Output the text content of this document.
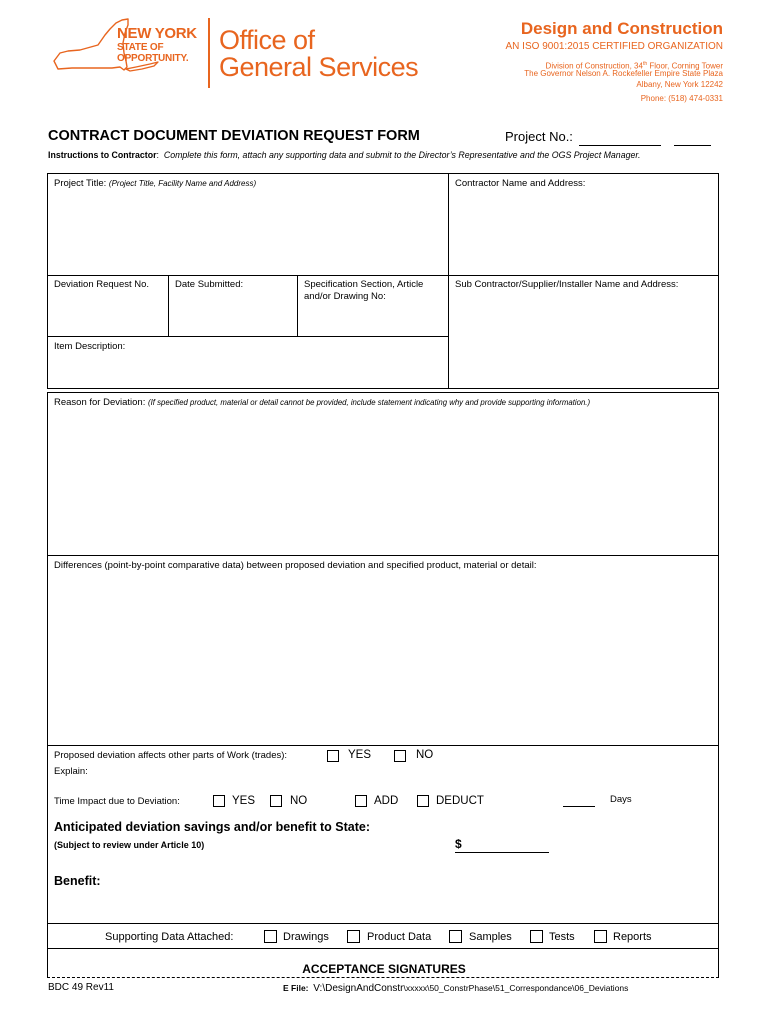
NEW YORK
STATE OF
OPPORTUNITY.
Office of
General Services
Design and Construction
AN ISO 9001:2015 CERTIFIED ORGANIZATION
Division of Construction, 34th Floor, Corning Tower
The Governor Nelson A. Rockefeller Empire State Plaza
Albany, New York 12242
Phone: (518) 474-0331
CONTRACT DOCUMENT DEVIATION REQUEST FORM	Project No.:
Instructions to Contractor: Complete this form, attach any supporting data and submit to the Director’s Representative and the OGS Project Manager.
Project Title: (Project Title, Facility Name and Address)	Contractor Name and Address:
Deviation Request No.	Date Submitted:	Specification Section, Article and/or Drawing No:
Sub Contractor/Supplier/Installer Name and Address:
Item Description:
Reason for Deviation: (If specified product, material or detail cannot be provided, include statement indicating why and provide supporting information.)
Differences (point-by-point comparative data) between proposed deviation and specified product, material or detail:
Proposed deviation affects other parts of Work (trades):	YES	NO
Explain:
Time Impact due to Deviation:	YES	NO	ADD	DEDUCT	Days
Anticipated deviation savings and/or benefit to State:
(Subject to review under Article 10)	$
Benefit:
Supporting Data Attached:	Drawings	Product Data	Samples	Tests	Reports
ACCEPTANCE SIGNATURES
BDC 49 Rev11	E File: V:\DesignAndConstr\xxxxx\50_ConstrPhase\51_Correspondance\06_Deviations
